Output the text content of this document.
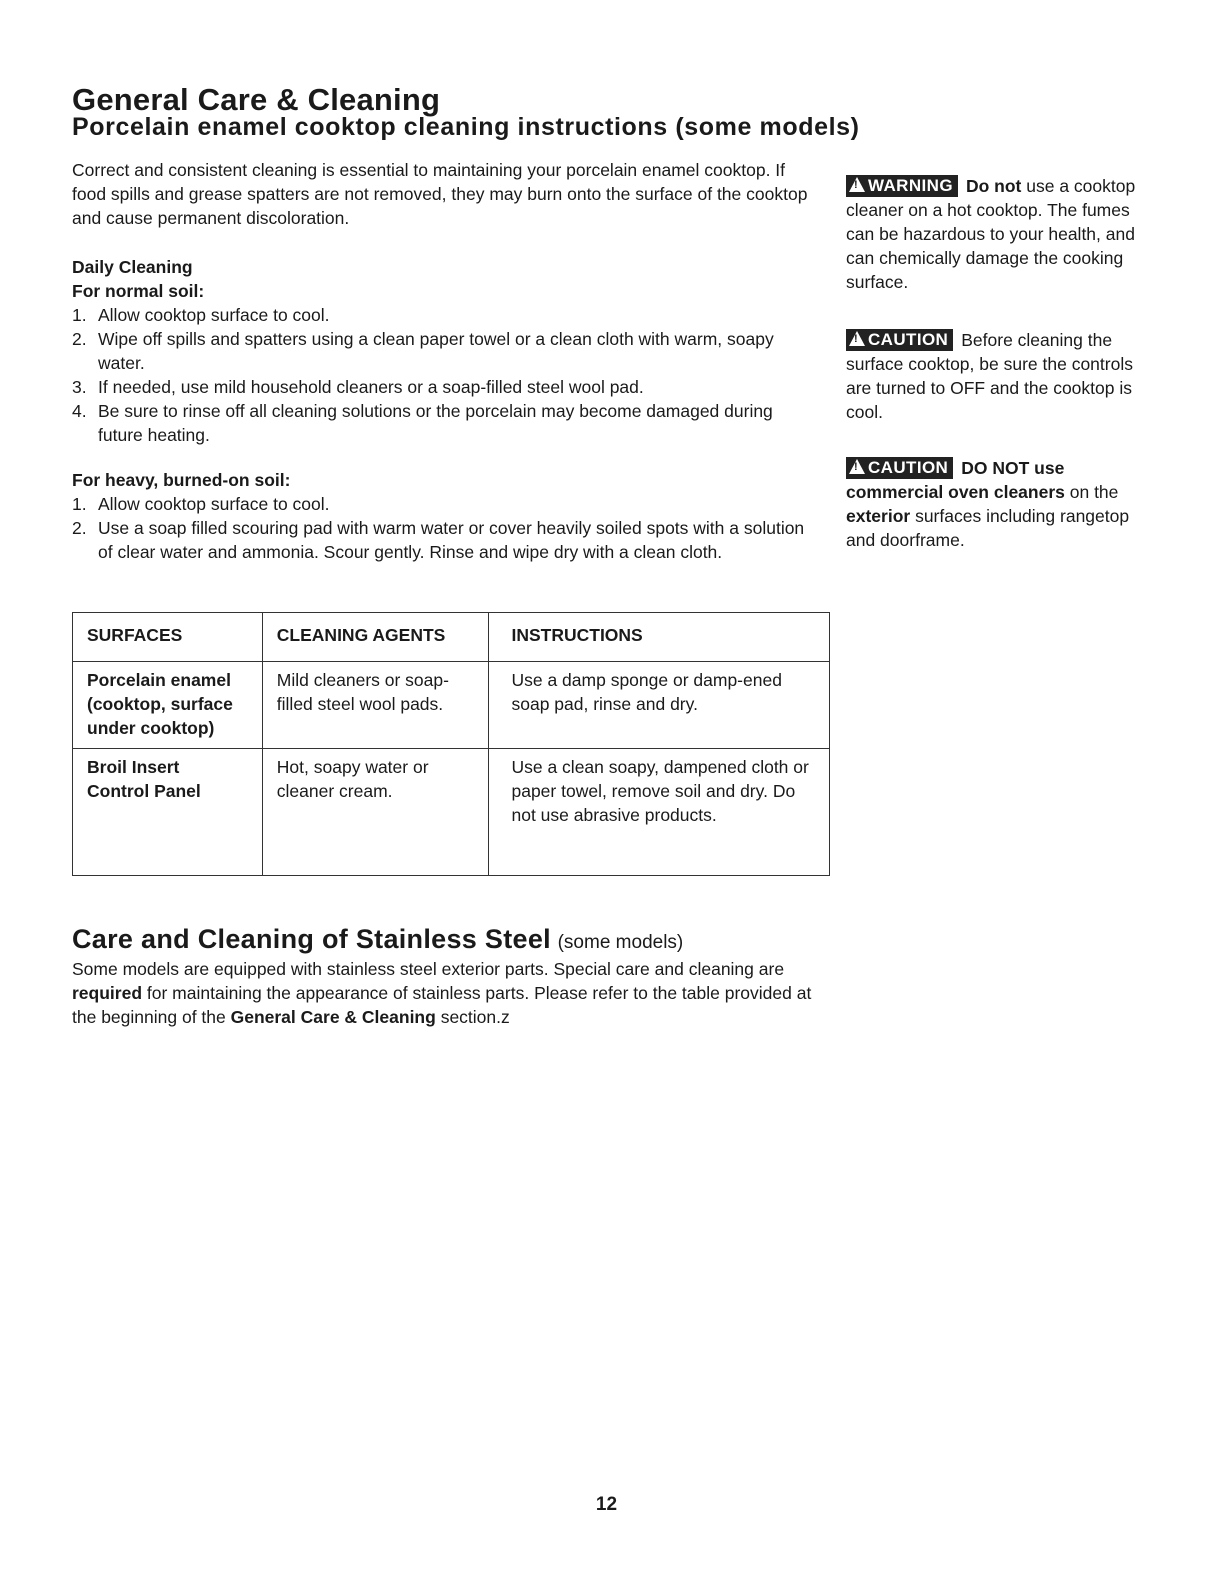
General Care & Cleaning
Porcelain enamel cooktop cleaning instructions (some models)
Correct and consistent cleaning is essential to maintaining your porcelain enamel cooktop. If food spills and grease spatters are not removed, they may burn onto the surface of the cooktop and cause permanent discoloration.
Daily Cleaning
For normal soil:
1. Allow cooktop surface to cool.
2. Wipe off spills and spatters using a clean paper towel or a clean cloth with warm, soapy water.
3. If needed, use mild household cleaners or a soap-filled steel wool pad.
4. Be sure to rinse off all cleaning solutions or the porcelain may become damaged during future heating.
For heavy, burned-on soil:
1. Allow cooktop surface to cool.
2. Use a soap filled scouring pad with warm water or cover heavily soiled spots with a solution of clear water and ammonia. Scour gently. Rinse and wipe dry with a clean cloth.
SURFACES	CLEANING AGENTS	INSTRUCTIONS
Porcelain enamel (cooktop, surface under cooktop)	Mild cleaners or soap-filled steel wool pads.	Use a damp sponge or damp-ened soap pad, rinse and dry.

Broil Insert
Control Panel	Hot, soapy water or cleaner cream.	Use a clean soapy, dampened cloth or paper towel, remove soil and dry. Do not use abrasive products.
!WARNING Do not use a cooktop cleaner on a hot cooktop. The fumes can be hazardous to your health, and can chemically damage the cooking surface.
!CAUTION Before cleaning the surface cooktop, be sure the controls are turned to OFF and the cooktop is cool.
!CAUTION DO NOT use commercial oven cleaners on the exterior surfaces including rangetop and doorframe.
Care and Cleaning of Stainless Steel (some models)
Some models are equipped with stainless steel exterior parts. Special care and cleaning are required for maintaining the appearance of stainless parts. Please refer to the table provided at the beginning of the General Care & Cleaning section.z
12
